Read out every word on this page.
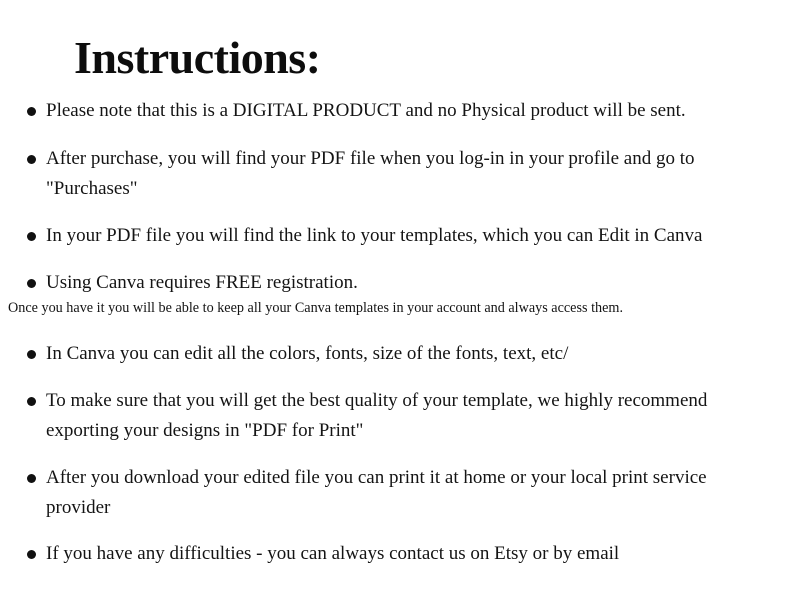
Instructions:
Please note that this is a DIGITAL PRODUCT and no Physical product will be sent.
After purchase, you will find your PDF file when you log-in in your profile and go to
"Purchases"
In your PDF file you will find the link to your templates, which you can Edit in Canva
Using Canva requires FREE registration.
Once you have it you will be able to keep all your Canva templates in your account and always access them.
In Canva you can edit all the colors, fonts, size of the fonts, text, etc/
To make sure that you will get the best quality of your template, we highly recommend
exporting your designs in "PDF for Print"
After you download your edited file you can print it at home or your local print service
provider
If you have any difficulties - you can always contact us on Etsy or by email
